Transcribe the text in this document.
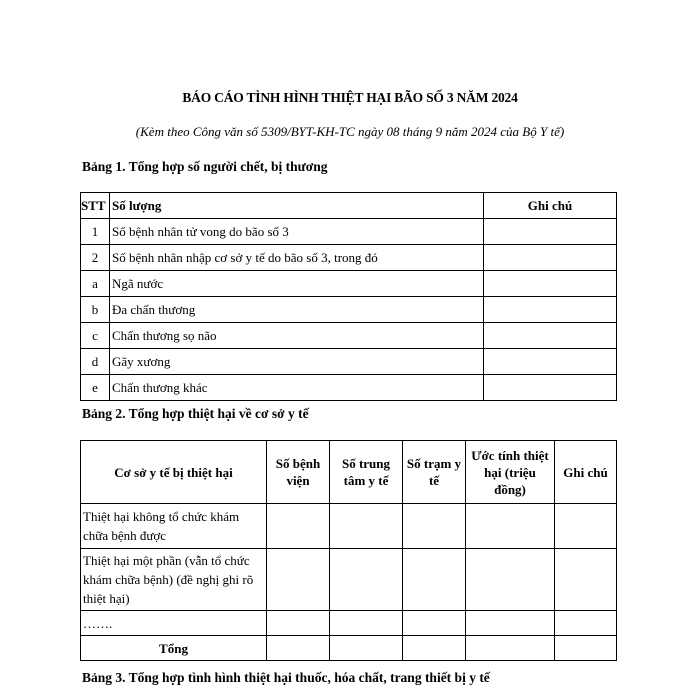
BÁO CÁO TÌNH HÌNH THIỆT HẠI BÃO SỐ 3 NĂM 2024
(Kèm theo Công văn số 5309/BYT-KH-TC ngày 08 tháng 9 năm 2024 của Bộ Y tế)
Bảng 1. Tổng hợp số người chết, bị thương
STT	Số lượng	Ghi chú
1	Số bệnh nhân tử vong do bão số 3	
2	Số bệnh nhân nhập cơ sở y tế do bão số 3, trong đó	
a	Ngã nước	
b	Đa chấn thương	
c	Chấn thương sọ não	
d	Gãy xương	
e	Chấn thương khác	
Bảng 2. Tổng hợp thiệt hại về cơ sở y tế
Cơ sở y tế bị thiệt hại	Số bệnh viện	Số trung tâm y tế	Số trạm y tế	Ước tính thiệt hại (triệu đồng)	Ghi chú
Thiệt hại không tổ chức khám chữa bệnh được					
Thiệt hại một phần (vẫn tổ chức khám chữa bệnh) (đề nghị ghi rõ thiệt hại)					
…….					
Tổng					
Bảng 3. Tổng hợp tình hình thiệt hại thuốc, hóa chất, trang thiết bị y tế
